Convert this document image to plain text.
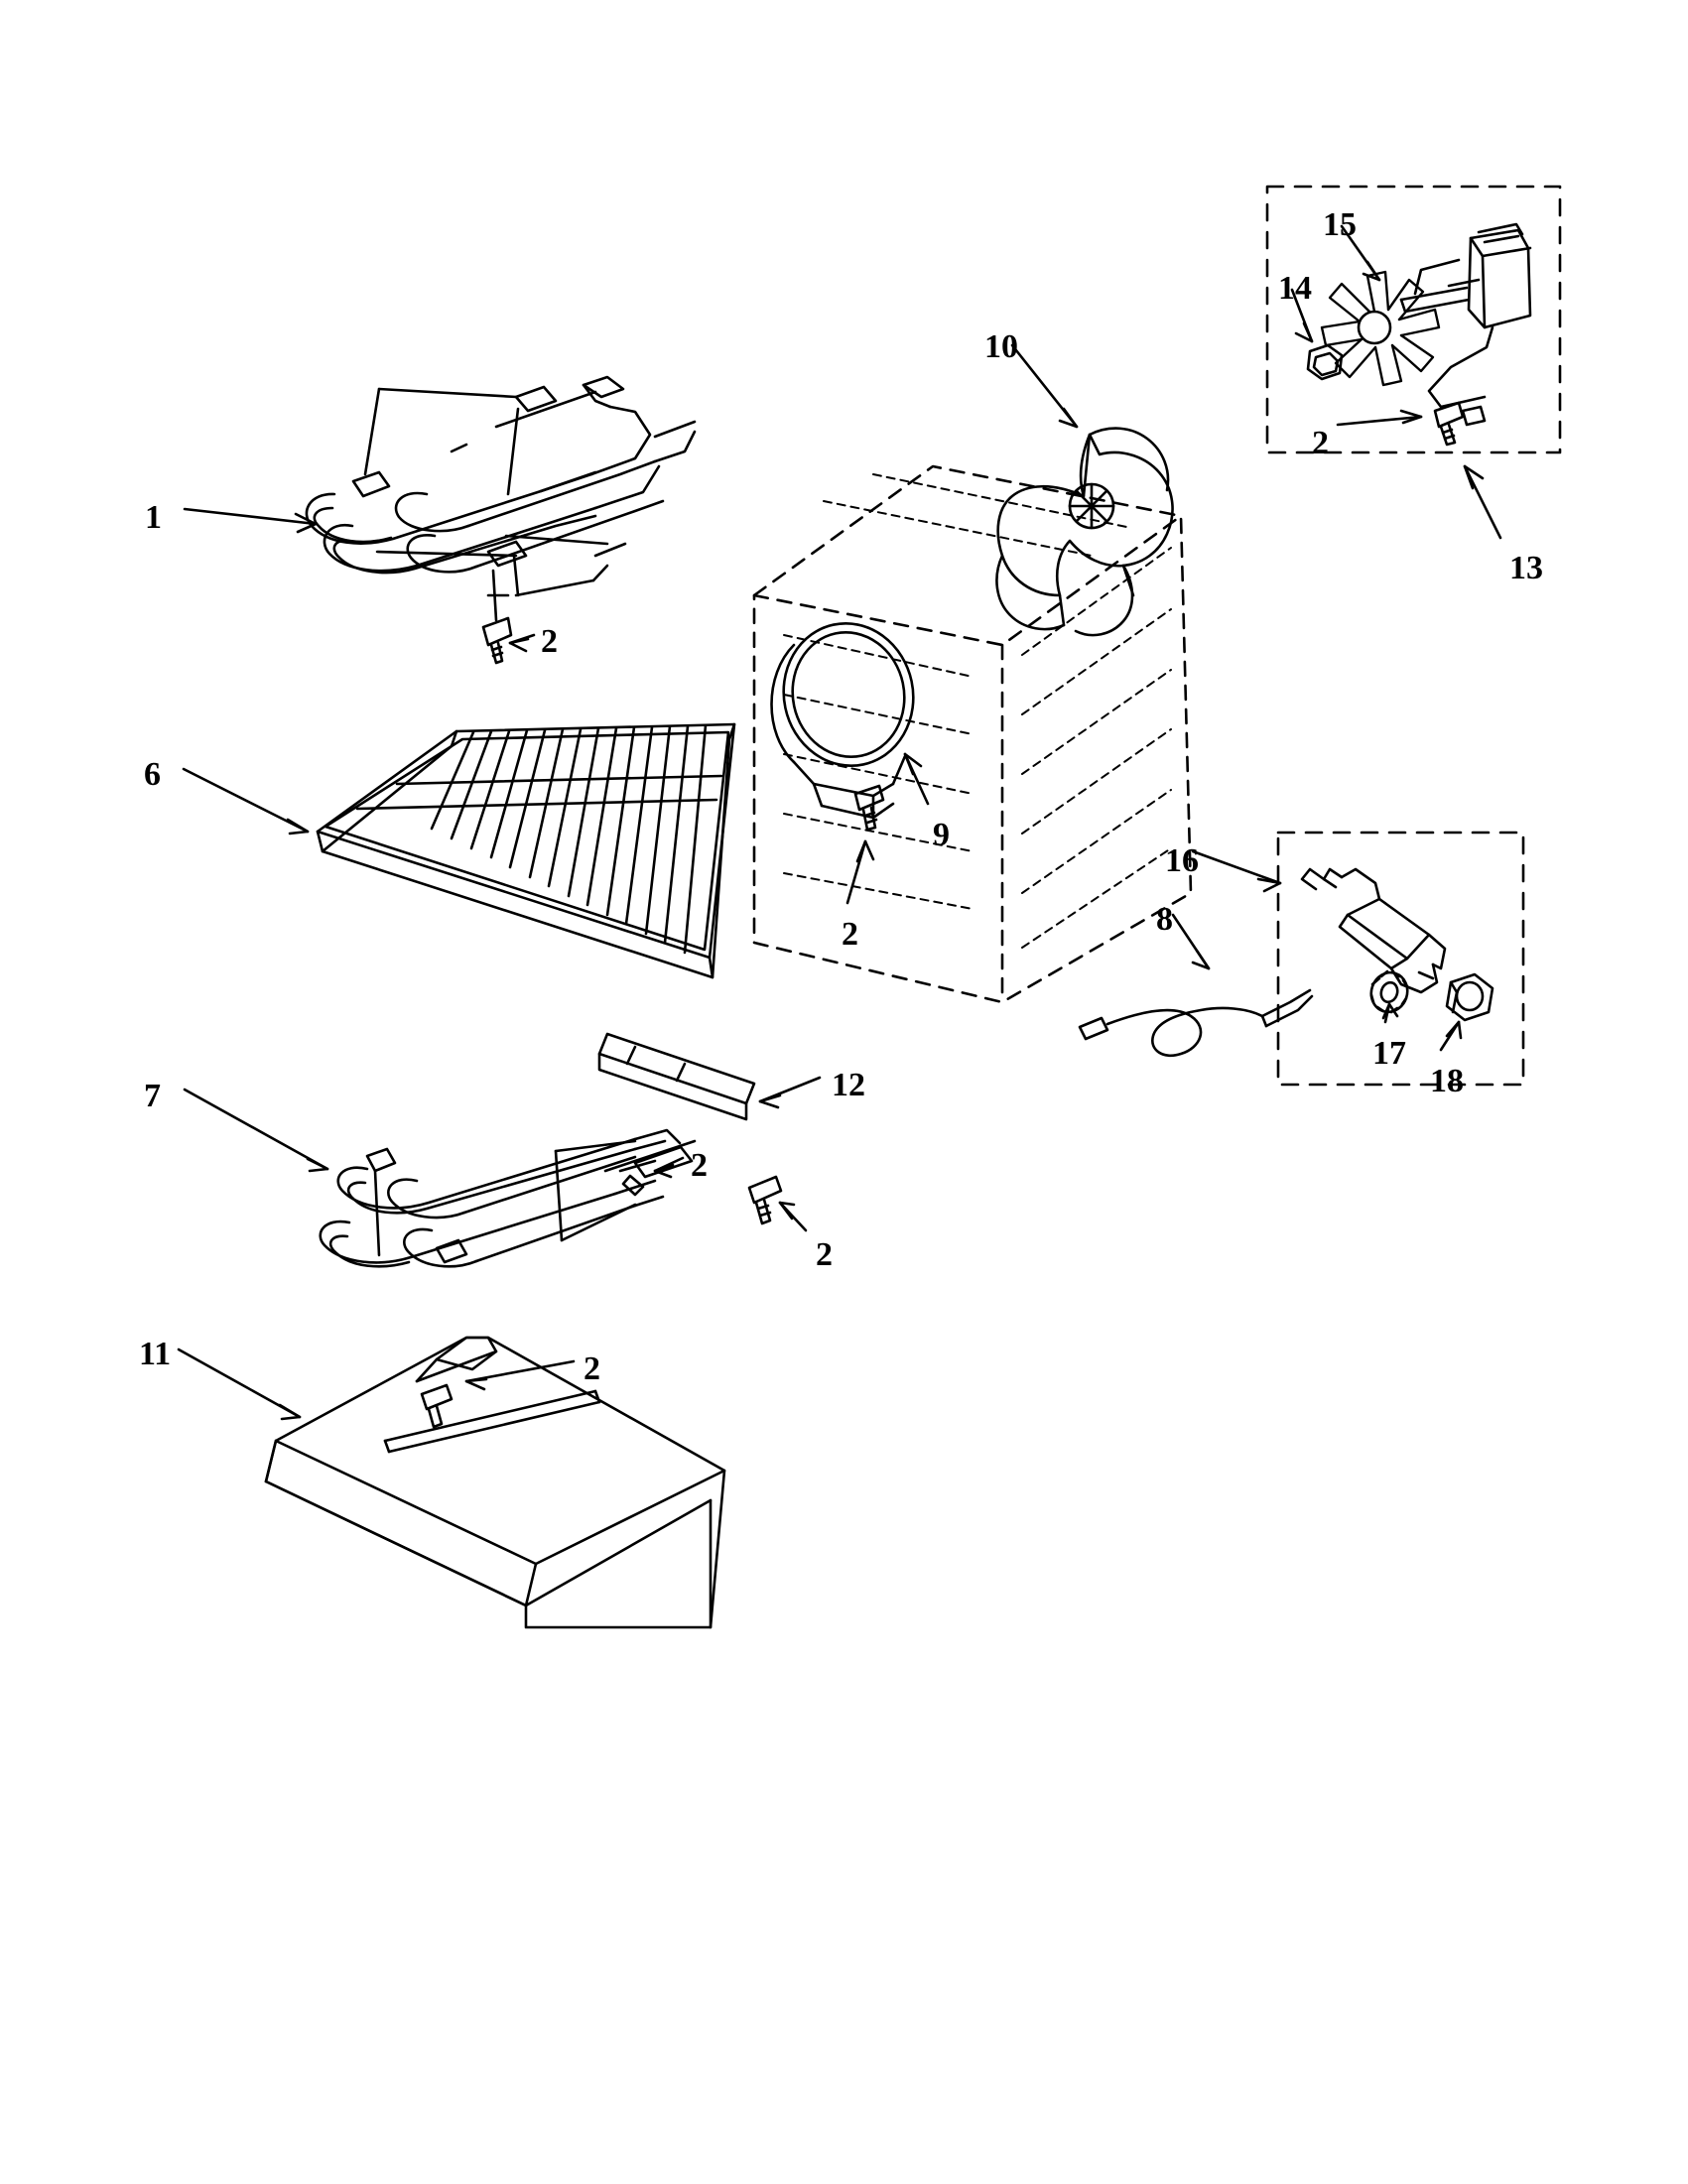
1
2
6
7
2
12
2
11	2
9
2
10
15
14
2
13
16
8
17
18
